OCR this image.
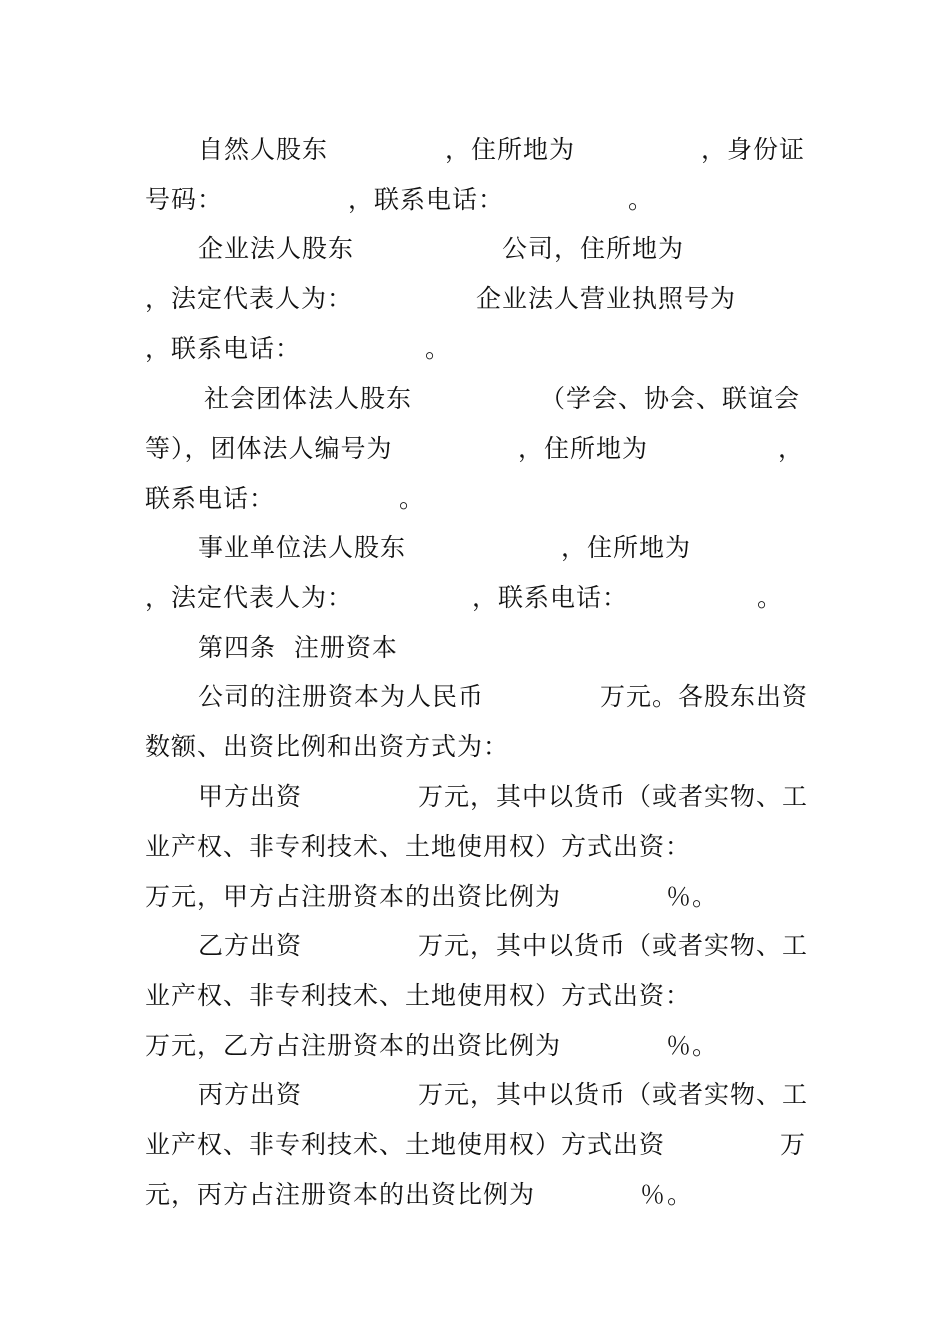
自然人股东	，住所地为	，身份证
号码：	，联系电话：	。
企业法人股东	公司，住所地为
，法定代表人为：	企业法人营业执照号为
，联系电话：	。
社会团体法人股东	（学会、协会、联谊会
等），团体法人编号为	，住所地为	，
联系电话：	。
事业单位法人股东	，住所地为
，法定代表人为：	，联系电话：	。
第四条  注册资本
公司的注册资本为人民币	万元。各股东出资
数额、出资比例和出资方式为：
甲方出资	万元，其中以货币（或者实物、工
业产权、非专利技术、土地使用权）方式出资：
万元，甲方占注册资本的出资比例为	％ 。
乙方出资	万元，其中以货币（或者实物、工
业产权、非专利技术、土地使用权）方式出资：
万元，乙方占注册资本的出资比例为	％ 。
丙方出资	万元，其中以货币（或者实物、工
业产权、非专利技术、土地使用权）方式出资	万
元，丙方占注册资本的出资比例为	％ 。
